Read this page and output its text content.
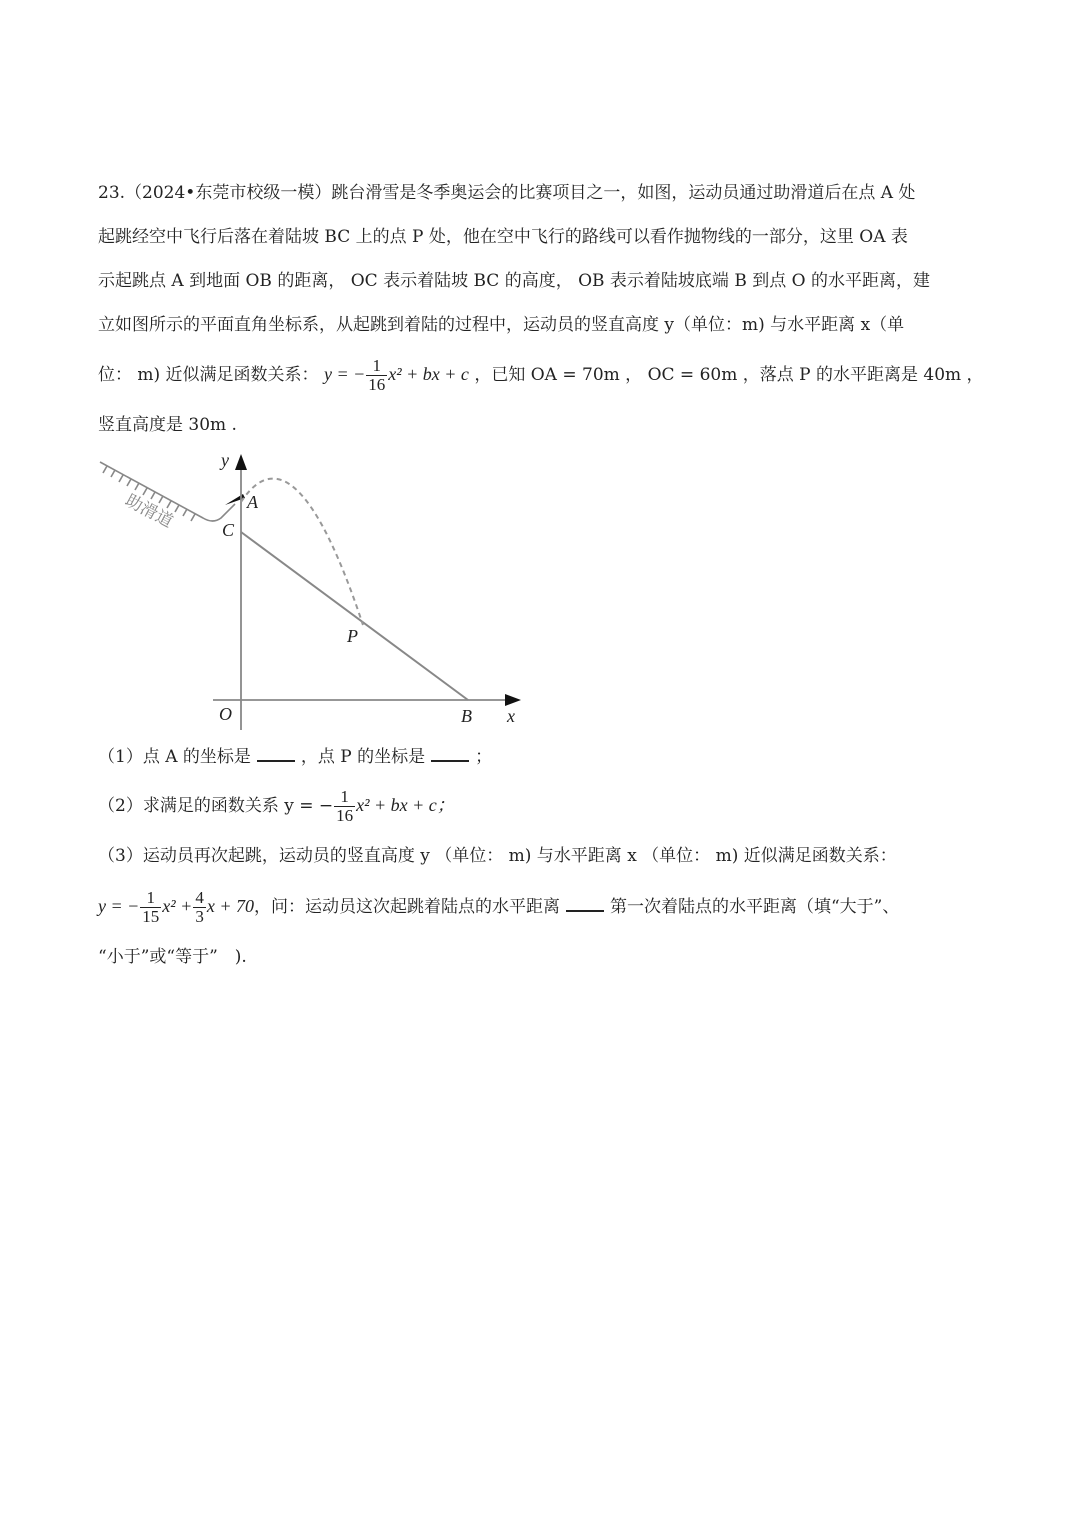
23.（2024•东莞市校级一模）跳台滑雪是冬季奥运会的比赛项目之一，如图，运动员通过助滑道后在点 A 处
起跳经空中飞行后落在着陆坡 BC 上的点 P 处，他在空中飞行的路线可以看作抛物线的一部分，这里 OA 表
示起跳点 A 到地面 OB 的距离， OC 表示着陆坡 BC 的高度， OB 表示着陆坡底端 B 到点 O 的水平距离，建
立如图所示的平面直角坐标系，从起跳到着陆的过程中，运动员的竖直高度 y（单位：m) 与水平距离 x（单
位： m) 近似满足函数关系： y = − $\frac{1}{16} x^2$ + bx + c ，已知 OA = 70m ， OC = 60m ，落点 P 的水平距离是 40m ，
竖直高度是 30m .
助滑道
y
A
C
P
O	B x
（1）点 A 的坐标是	，点 P 的坐标是	；
（2）求满足的函数关系 y = − $\frac{1}{16} x^2$ + bx + c；
（3）运动员再次起跳，运动员的竖直高度 y （单位： m) 与水平距离 x （单位： m) 近似满足函数关系：
y = − $\frac{1}{15} x^2 + \frac{4}{3}$ x + 70，问：运动员这次起跳着陆点的水平距离	第一次着陆点的水平距离（填“大于”、
“小于”或“等于”　).
